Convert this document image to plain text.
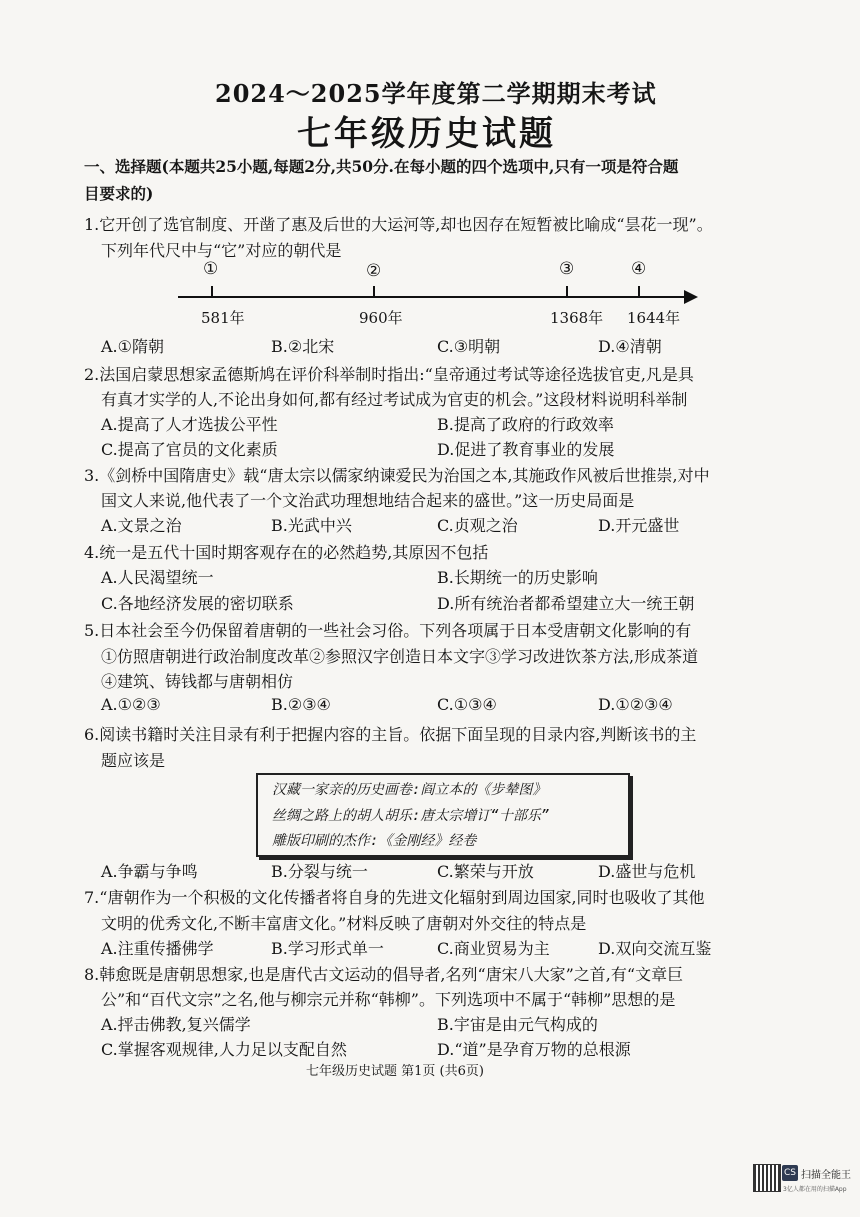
2024～2025学年度第二学期期末考试
七年级历史试题
一、选择题(本题共25小题,每题2分,共50分.在每小题的四个选项中,只有一项是符合题
目要求的)
1.它开创了选官制度、开凿了惠及后世的大运河等,却也因存在短暂被比喻成“昙花一现”。
下列年代尺中与“它”对应的朝代是
①	②	③	④
581年	960年	1368年 1644年
A.①隋朝	B.②北宋	C.③明朝	D.④清朝
2.法国启蒙思想家孟德斯鸠在评价科举制时指出:“皇帝通过考试等途径选拔官吏,凡是具
有真才实学的人,不论出身如何,都有经过考试成为官吏的机会。”这段材料说明科举制
A.提高了人才选拔公平性	B.提高了政府的行政效率
C.提高了官员的文化素质	D.促进了教育事业的发展
3.《剑桥中国隋唐史》载“唐太宗以儒家纳谏爱民为治国之本,其施政作风被后世推崇,对中
国文人来说,他代表了一个文治武功理想地结合起来的盛世。”这一历史局面是
A.文景之治	B.光武中兴	C.贞观之治	D.开元盛世
4.统一是五代十国时期客观存在的必然趋势,其原因不包括
A.人民渴望统一	B.长期统一的历史影响
C.各地经济发展的密切联系	D.所有统治者都希望建立大一统王朝
5.日本社会至今仍保留着唐朝的一些社会习俗。下列各项属于日本受唐朝文化影响的有
①仿照唐朝进行政治制度改革②参照汉字创造日本文字③学习改进饮茶方法,形成茶道
④建筑、铸钱都与唐朝相仿
A.①②③	B.②③④	C.①③④	D.①②③④
6.阅读书籍时关注目录有利于把握内容的主旨。依据下面呈现的目录内容,判断该书的主
题应该是
汉藏一家亲的历史画卷:阎立本的《步辇图》
丝绸之路上的胡人胡乐:唐太宗增订“十部乐”
雕版印刷的杰作:《金刚经》经卷
A.争霸与争鸣	B.分裂与统一	C.繁荣与开放	D.盛世与危机
7.“唐朝作为一个积极的文化传播者将自身的先进文化辐射到周边国家,同时也吸收了其他
文明的优秀文化,不断丰富唐文化。”材料反映了唐朝对外交往的特点是
A.注重传播佛学	B.学习形式单一	C.商业贸易为主	D.双向交流互鉴
8.韩愈既是唐朝思想家,也是唐代古文运动的倡导者,名列“唐宋八大家”之首,有“文章巨
公”和“百代文宗”之名,他与柳宗元并称“韩柳”。下列选项中不属于“韩柳”思想的是
A.抨击佛教,复兴儒学	B.宇宙是由元气构成的
C.掌握客观规律,人力足以支配自然	D.“道”是孕育万物的总根源
七年级历史试题 第1页 (共6页)
CS 扫描全能王
3亿人都在用的扫描App
